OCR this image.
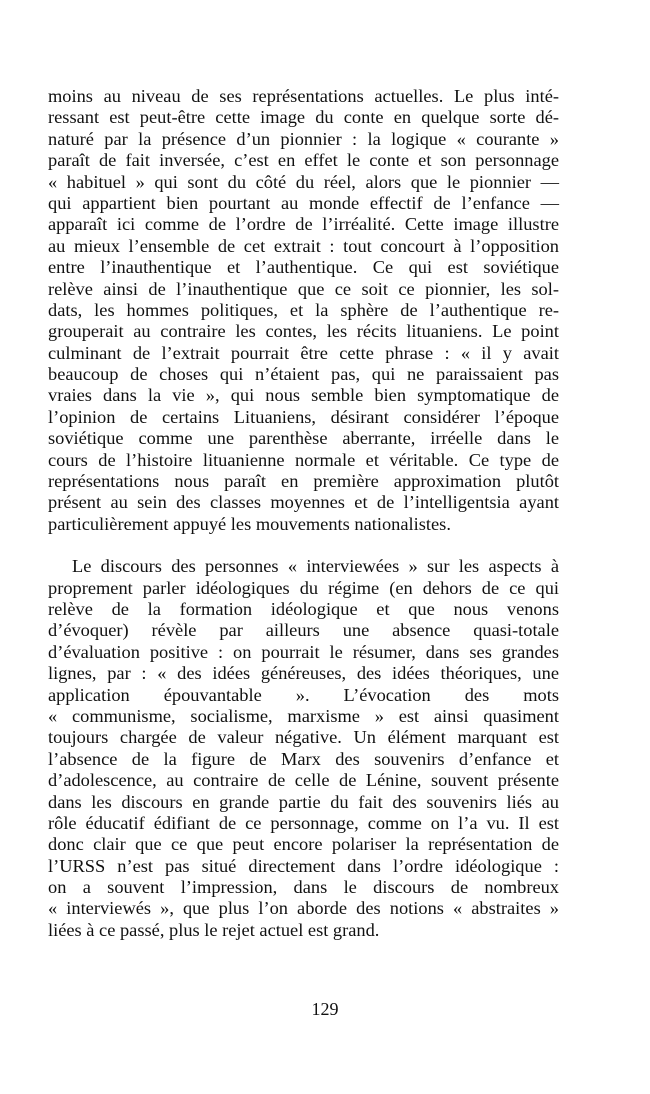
moins au niveau de ses représentations actuelles. Le plus inté-
ressant est peut-être cette image du conte en quelque sorte dé-
naturé par la présence d’un pionnier : la logique « courante »
paraît de fait inversée, c’est en effet le conte et son personnage
« habituel » qui sont du côté du réel, alors que le pionnier —
qui appartient bien pourtant au monde effectif de l’enfance —
apparaît ici comme de l’ordre de l’irréalité. Cette image illustre
au mieux l’ensemble de cet extrait : tout concourt à l’opposition
entre l’inauthentique et l’authentique. Ce qui est soviétique
relève ainsi de l’inauthentique que ce soit ce pionnier, les sol-
dats, les hommes politiques, et la sphère de l’authentique re-
grouperait au contraire les contes, les récits lituaniens. Le point
culminant de l’extrait pourrait être cette phrase : « il y avait
beaucoup de choses qui n’étaient pas, qui ne paraissaient pas
vraies dans la vie », qui nous semble bien symptomatique de
l’opinion de certains Lituaniens, désirant considérer l’époque
soviétique comme une parenthèse aberrante, irréelle dans le
cours de l’histoire lituanienne normale et véritable. Ce type de
représentations nous paraît en première approximation plutôt
présent au sein des classes moyennes et de l’intelligentsia ayant
particulièrement appuyé les mouvements nationalistes.
Le discours des personnes « interviewées » sur les aspects à
proprement parler idéologiques du régime (en dehors de ce qui
relève de la formation idéologique et que nous venons
d’évoquer) révèle par ailleurs une absence quasi-totale
d’évaluation positive : on pourrait le résumer, dans ses grandes
lignes, par : « des idées généreuses, des idées théoriques, une
application épouvantable ». L’évocation des mots
« communisme, socialisme, marxisme » est ainsi quasiment
toujours chargée de valeur négative. Un élément marquant est
l’absence de la figure de Marx des souvenirs d’enfance et
d’adolescence, au contraire de celle de Lénine, souvent présente
dans les discours en grande partie du fait des souvenirs liés au
rôle éducatif édifiant de ce personnage, comme on l’a vu. Il est
donc clair que ce que peut encore polariser la représentation de
l’URSS n’est pas situé directement dans l’ordre idéologique :
on a souvent l’impression, dans le discours de nombreux
« interviewés », que plus l’on aborde des notions « abstraites »
liées à ce passé, plus le rejet actuel est grand.
129
